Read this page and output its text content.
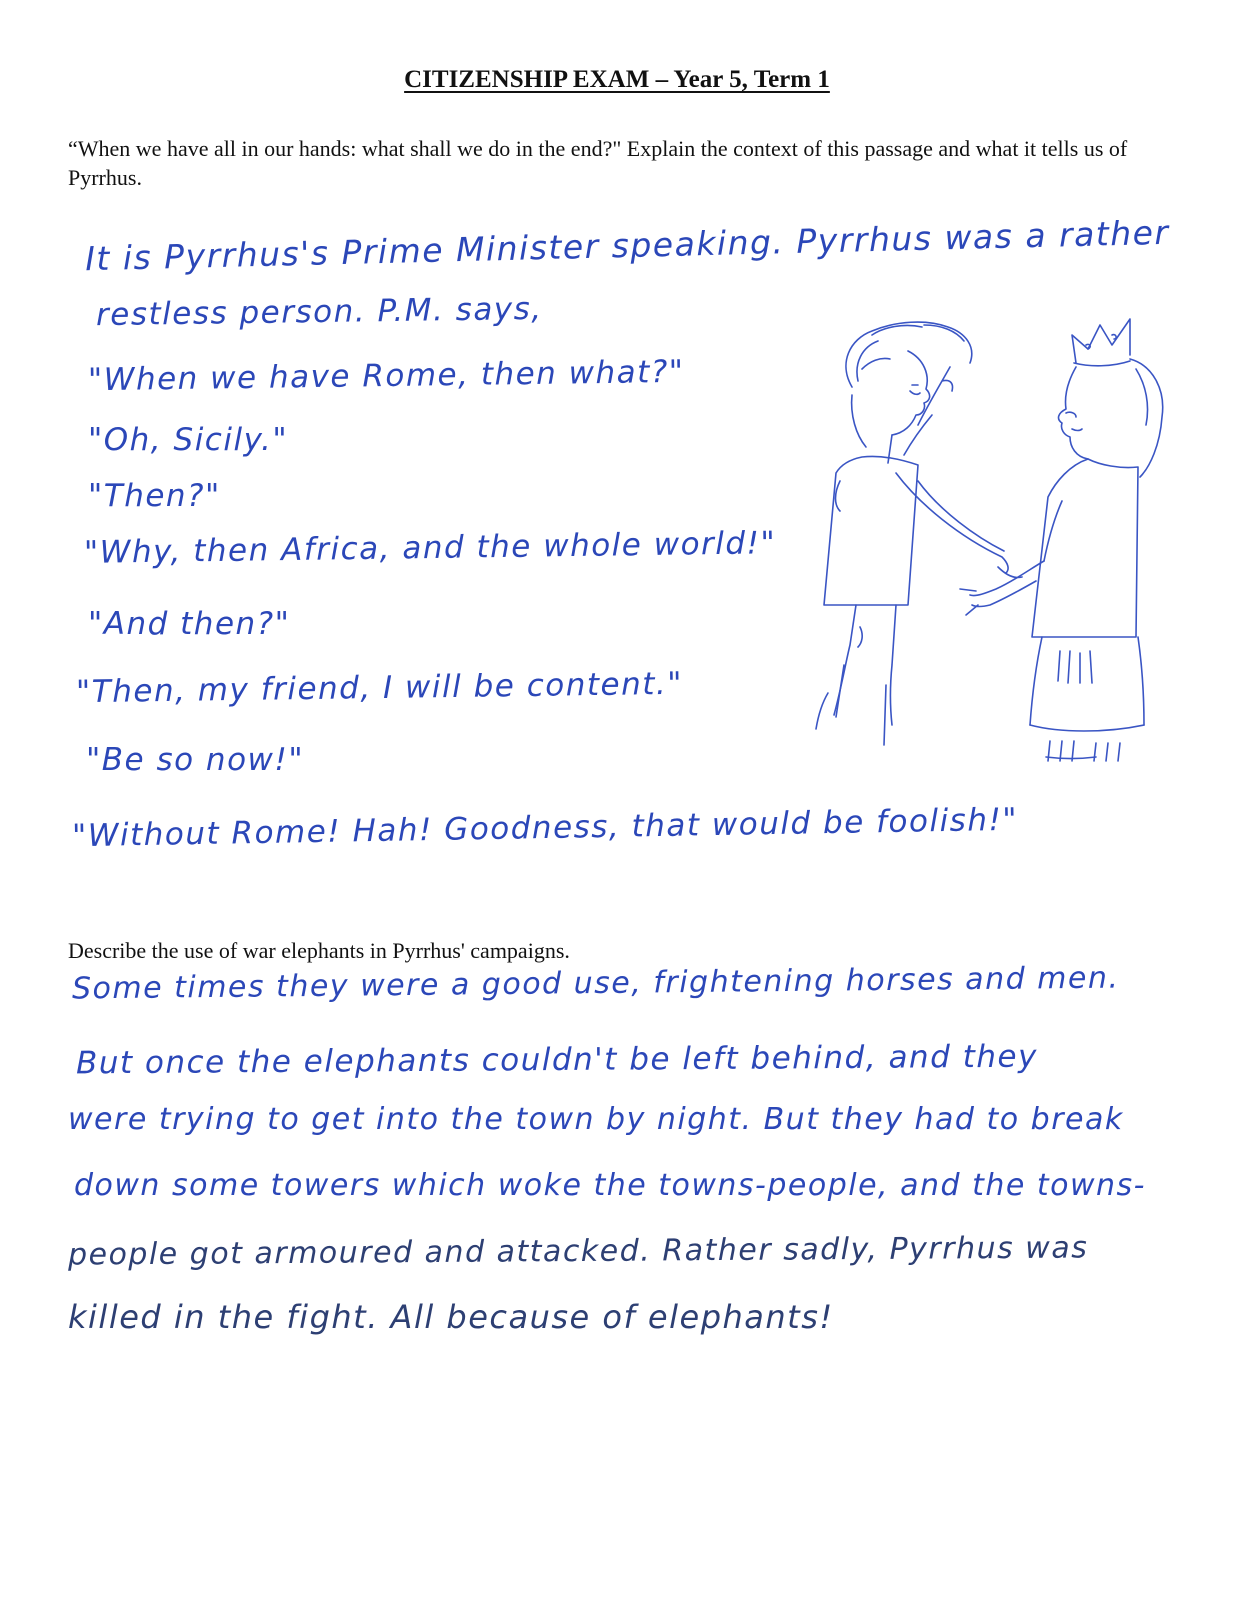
CITIZENSHIP EXAM – Year 5, Term 1
“When we have all in our hands: what shall we do in the end?" Explain the context of this passage and what it tells us of Pyrrhus.
It is Pyrrhus's Prime Minister speaking. Pyrrhus was a rather
restless person. P.M. says,
"When we have Rome, then what?"
"Oh, Sicily."
"Then?"
"Why, then Africa, and the whole world!"
"And then?"
"Then, my friend, I will be content."
"Be so now!"
"Without Rome! Hah! Goodness, that would be foolish!"
Describe the use of war elephants in Pyrrhus' campaigns.
Some times they were a good use, frightening horses and men.
But once the elephants couldn't be left behind, and they
were trying to get into the town by night. But they had to break
down some towers which woke the towns-people, and the towns-
people got armoured and attacked. Rather sadly, Pyrrhus was
killed in the fight. All because of elephants!
